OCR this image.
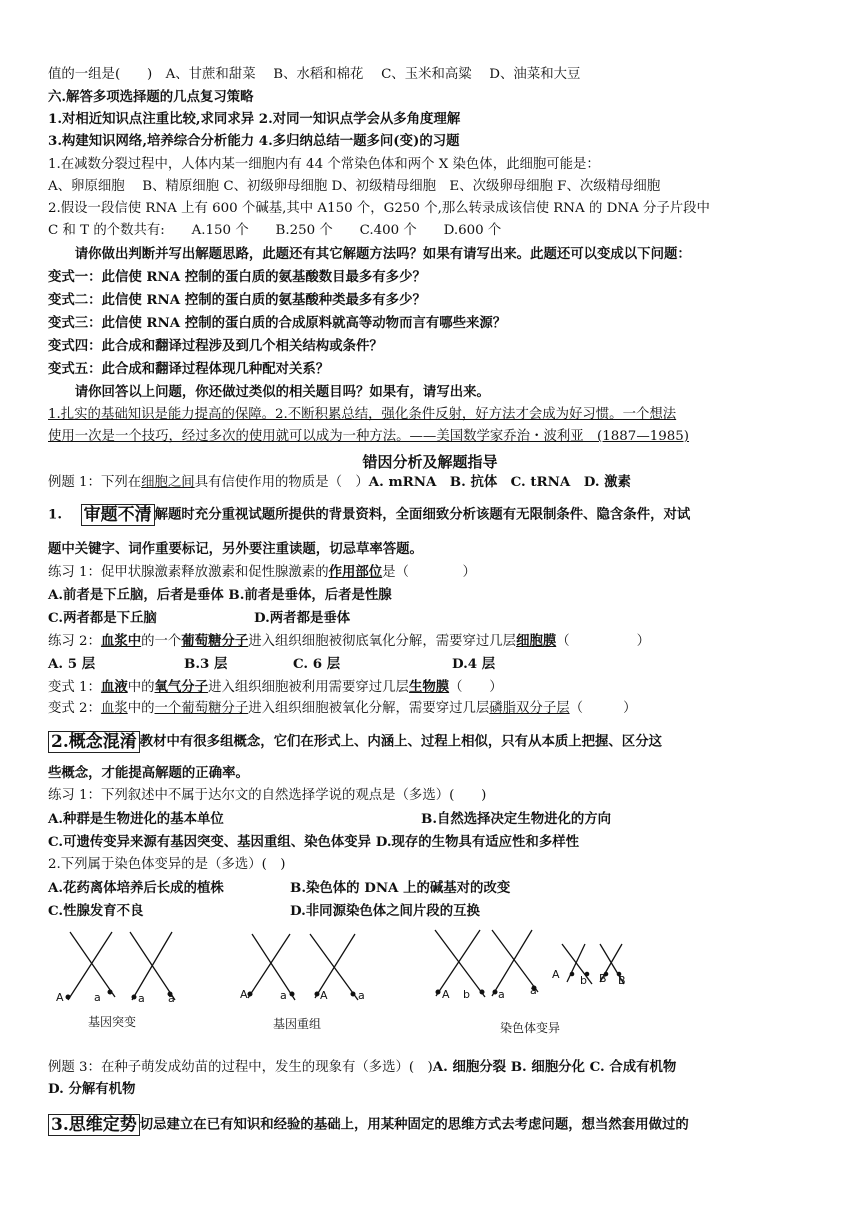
值的一组是(　　)　A、甘蔗和甜菜　 B、水稻和棉花　 C、玉米和高粱　 D、油菜和大豆
六.解答多项选择题的几点复习策略
1.对相近知识点注重比较,求同求异 2.对同一知识点学会从多角度理解
3.构建知识网络,培养综合分析能力 4.多归纳总结一题多问(变)的习题
1.在减数分裂过程中，人体内某一细胞内有 44 个常染色体和两个 X 染色体，此细胞可能是：
A、卵原细胞　 B、精原细胞 C、初级卵母细胞 D、初级精母细胞　E、次级卵母细胞 F、次级精母细胞
2.假设一段信使 RNA 上有 600 个碱基,其中 A150 个，G250 个,那么转录成该信使 RNA 的 DNA 分子片段中
C 和 T 的个数共有:　　A.150 个　　B.250 个　　C.400 个　　D.600 个
　　请你做出判断并写出解题思路，此题还有其它解题方法吗？如果有请写出来。此题还可以变成以下问题：
变式一：此信使 RNA 控制的蛋白质的氨基酸数目最多有多少？
变式二：此信使 RNA 控制的蛋白质的氨基酸种类最多有多少？
变式三：此信使 RNA 控制的蛋白质的合成原料就高等动物而言有哪些来源？
变式四：此合成和翻译过程涉及到几个相关结构或条件？
变式五：此合成和翻译过程体现几种配对关系？
　　请你回答以上问题，你还做过类似的相关题目吗？如果有，请写出来。
1.扎实的基础知识是能力提高的保障。2.不断积累总结，强化条件反射，好方法才会成为好习惯。一个想法
使用一次是一个技巧，经过多次的使用就可以成为一种方法。——美国数学家乔治・波利亚　(1887—1985)
错因分析及解题指导
例题 1：下列在细胞之间具有信使作用的物质是（　）A. mRNA　B. 抗体　C. tRNA　D. 激素
1. 审题不清 解题时充分重视试题所提供的背景资料，全面细致分析该题有无限制条件、隐含条件，对试
题中关键字、词作重要标记，另外要注重读题，切忌草率答题。
练习 1：促甲状腺激素释放激素和促性腺激素的作用部位是（　　　　）
A.前者是下丘脑，后者是垂体 B.前者是垂体，后者是性腺
C.两者都是下丘脑	D.两者都是垂体
练习 2：血浆中的一个葡萄糖分子进入组织细胞被彻底氧化分解，需要穿过几层细胞膜（　　　　　）
A. 5 层	B.3 层	C. 6 层	D.4 层
变式 1：血液中的氧气分子进入组织细胞被利用需要穿过几层生物膜（　　）
变式 2：血浆中的一个葡萄糖分子进入组织细胞被氧化分解，需要穿过几层磷脂双分子层（　　　）
2.概念混淆 教材中有很多组概念，它们在形式上、内涵上、过程上相似，只有从本质上把握、区分这
些概念，才能提高解题的正确率。
练习 1：下列叙述中不属于达尔文的自然选择学说的观点是（多选）(　　)
A.种群是生物进化的基本单位	B.自然选择决定生物进化的方向
C.可遗传变异来源有基因突变、基因重组、染色体变异 D.现存的生物具有适应性和多样性
2.下列属于染色体变异的是（多选）(　)
A.花药离体培养后长成的植株	B.染色体的 DNA 上的碱基对的改变
C.性腺发育不良	D.非同源染色体之间片段的互换
A	a	a a	A	a	A	a	A b	a a
A b B B
基因突变	基因重组	染色体变异
例题 3：在种子萌发成幼苗的过程中，发生的现象有（多选）(　)A. 细胞分裂 B. 细胞分化 C. 合成有机物
D. 分解有机物
3.思维定势 切忌建立在已有知识和经验的基础上，用某种固定的思维方式去考虑问题，想当然套用做过的
